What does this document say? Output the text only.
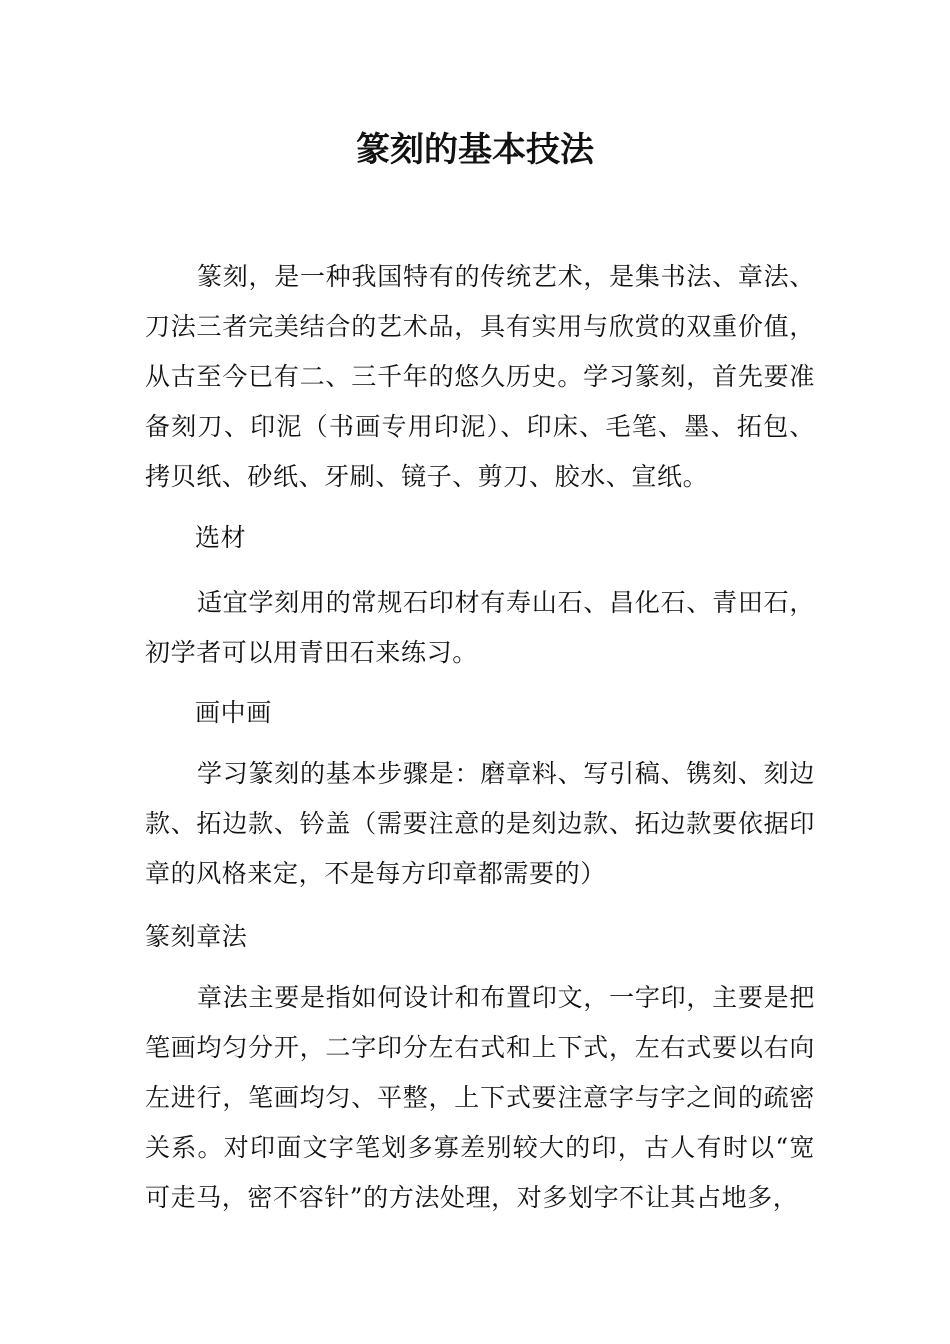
篆刻的基本技法

篆刻，是一种我国特有的传统艺术，是集书法、章法、刀法三者完美结合的艺术品，具有实用与欣赏的双重价值，从古至今已有二、三千年的悠久历史。学习篆刻，首先要准备刻刀、印泥（书画专用印泥）、印床、毛笔、墨、拓包、拷贝纸、砂纸、牙刷、镜子、剪刀、胶水、宣纸。

选材

适宜学刻用的常规石印材有寿山石、昌化石、青田石，初学者可以用青田石来练习。

画中画

学习篆刻的基本步骤是：磨章料、写引稿、镌刻、刻边款、拓边款、钤盖（需要注意的是刻边款、拓边款要依据印章的风格来定，不是每方印章都需要的）

篆刻章法

章法主要是指如何设计和布置印文，一字印，主要是把笔画均匀分开，二字印分左右式和上下式，左右式要以右向左进行，笔画均匀、平整，上下式要注意字与字之间的疏密关系。对印面文字笔划多寡差别较大的印，古人有时以“宽可走马，密不容针”的方法处理，对多划字不让其占地多，
